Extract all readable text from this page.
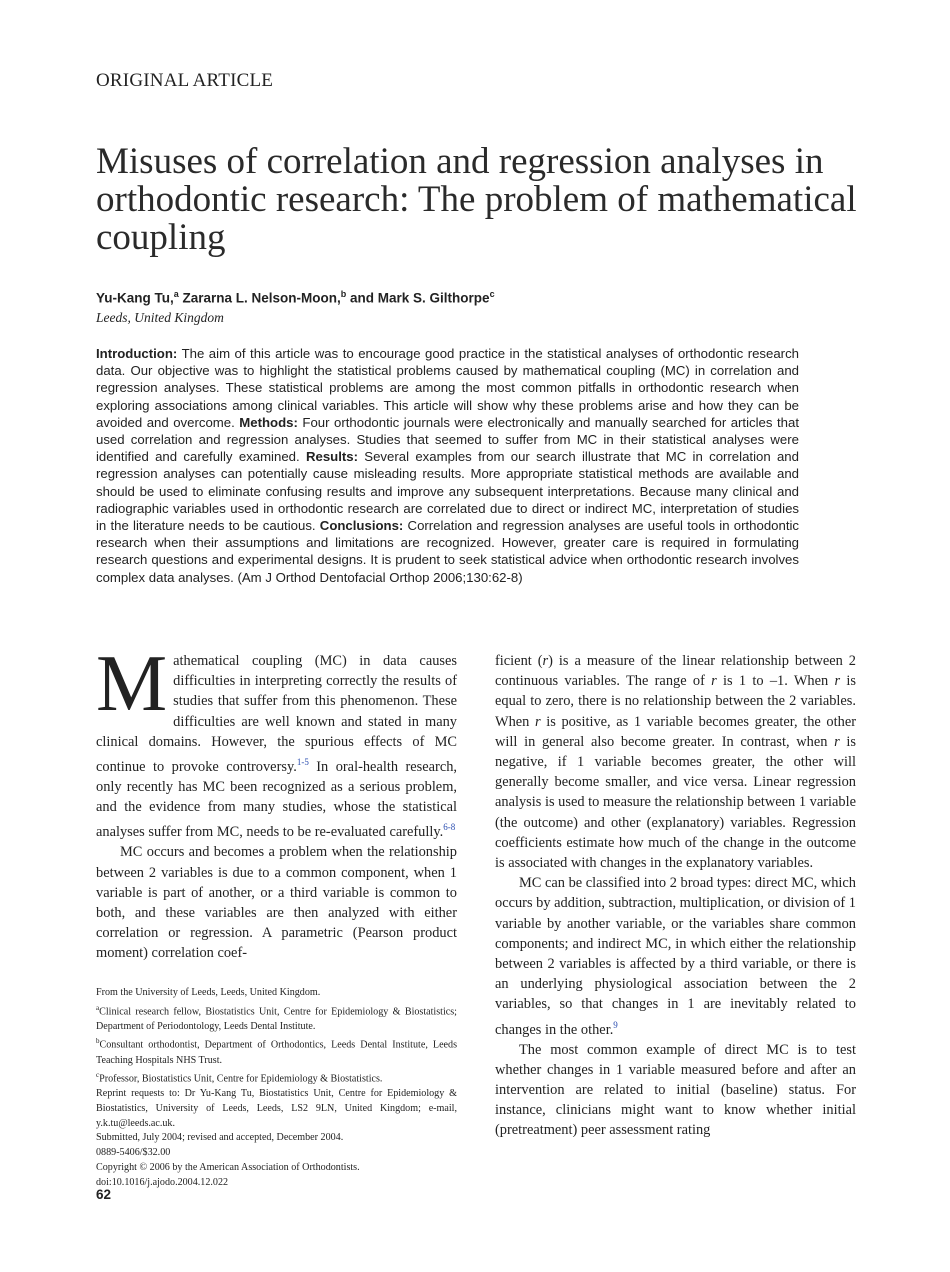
ORIGINAL ARTICLE
Misuses of correlation and regression analyses in orthodontic research: The problem of mathematical coupling
Yu-Kang Tu,$^a$ Zararna L. Nelson-Moon,$^b$ and Mark S. Gilthorpe$^c$
Leeds, United Kingdom
Introduction: The aim of this article was to encourage good practice in the statistical analyses of orthodontic research data. Our objective was to highlight the statistical problems caused by mathematical coupling (MC) in correlation and regression analyses. These statistical problems are among the most common pitfalls in orthodontic research when exploring associations among clinical variables. This article will show why these problems arise and how they can be avoided and overcome. Methods: Four orthodontic journals were electronically and manually searched for articles that used correlation and regression analyses. Studies that seemed to suffer from MC in their statistical analyses were identified and carefully examined. Results: Several examples from our search illustrate that MC in correlation and regression analyses can potentially cause misleading results. More appropriate statistical methods are available and should be used to eliminate confusing results and improve any subsequent interpretations. Because many clinical and radiographic variables used in orthodontic research are correlated due to direct or indirect MC, interpretation of studies in the literature needs to be cautious. Conclusions: Correlation and regression analyses are useful tools in orthodontic research when their assumptions and limitations are recognized. However, greater care is required in formulating research questions and experimental designs. It is prudent to seek statistical advice when orthodontic research involves complex data analyses. (Am J Orthod Dentofacial Orthop 2006;130:62-8)

Mathematical coupling (MC) in data causes difficulties in interpreting correctly the results of studies that suffer from this phenomenon. These difficulties are well known and stated in many clinical domains. However, the spurious effects of MC continue to provoke controversy.$^{1-5}$ In oral-health research, only recently has MC been recognized as a serious problem, and the evidence from many studies, whose the statistical analyses suffer from MC, needs to be re-evaluated carefully.$^{6-8}$

MC occurs and becomes a problem when the relationship between 2 variables is due to a common component, when 1 variable is part of another, or a third variable is common to both, and these variables are then analyzed with either correlation or regression. A parametric (Pearson product moment) correlation coef-

From the University of Leeds, Leeds, United Kingdom.
$^a$Clinical research fellow, Biostatistics Unit, Centre for Epidemiology & Biostatistics; Department of Periodontology, Leeds Dental Institute.
$^b$Consultant orthodontist, Department of Orthodontics, Leeds Dental Institute, Leeds Teaching Hospitals NHS Trust.
$^c$Professor, Biostatistics Unit, Centre for Epidemiology & Biostatistics.
Reprint requests to: Dr Yu-Kang Tu, Biostatistics Unit, Centre for Epidemiology & Biostatistics, University of Leeds, Leeds, LS2 9LN, United Kingdom; e-mail, y.k.tu@leeds.ac.uk.
Submitted, July 2004; revised and accepted, December 2004.
0889-5406/$32.00
Copyright © 2006 by the American Association of Orthodontists.
doi:10.1016/j.ajodo.2004.12.022

ficient (r) is a measure of the linear relationship between 2 continuous variables. The range of r is 1 to –1. When r is equal to zero, there is no relationship between the 2 variables. When r is positive, as 1 variable becomes greater, the other will in general also become greater. In contrast, when r is negative, if 1 variable becomes greater, the other will generally become smaller, and vice versa. Linear regression analysis is used to measure the relationship between 1 variable (the outcome) and other (explanatory) variables. Regression coefficients estimate how much of the change in the outcome is associated with changes in the explanatory variables.

MC can be classified into 2 broad types: direct MC, which occurs by addition, subtraction, multiplication, or division of 1 variable by another variable, or the variables share common components; and indirect MC, in which either the relationship between 2 variables is affected by a third variable, or there is an underlying physiological association between the 2 variables, so that changes in 1 are inevitably related to changes in the other.$^9$

The most common example of direct MC is to test whether changes in 1 variable measured before and after an intervention are related to initial (baseline) status. For instance, clinicians might want to know whether initial (pretreatment) peer assessment rating

62
